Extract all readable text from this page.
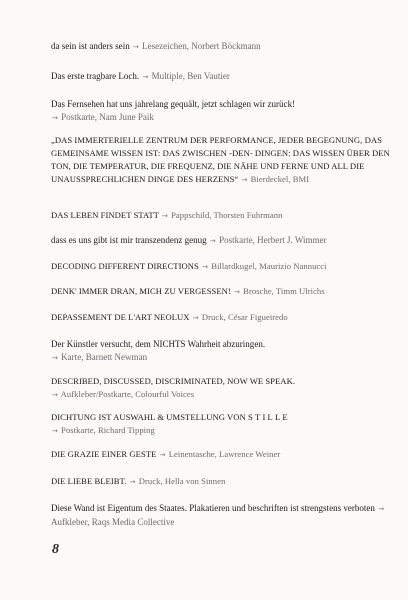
da sein ist anders sein → Lesezeichen, Norbert Böckmann
Das erste tragbare Loch. → Multiple, Ben Vautier
Das Fernsehen hat uns jahrelang gequält, jetzt schlagen wir zurück!
→ Postkarte, Nam June Paik
„DAS IMMERTERIELLE ZENTRUM DER PERFORMANCE, JEDER BEGEGNUNG, DAS GEMEINSAME WISSEN IST: DAS ZWISCHEN -DEN- DINGEN: DAS WISSEN ÜBER DEN TON, DIE TEMPERATUR, DIE FREQUENZ, DIE NÄHE UND FERNE UND ALL DIE UNAUSSPRECHLICHEN DINGE DES HERZENS“ → Bierdeckel, BMI
DAS LEBEN FINDET STATT → Pappschild, Thorsten Fuhrmann
dass es uns gibt ist mir transzendenz genug → Postkarte, Herbert J. Wimmer
DECODING DIFFERENT DIRECTIONS → Billardkugel, Maurizio Nannucci
DENK' IMMER DRAN, MICH ZU VERGESSEN! → Brosche, Timm Ulrichs
DEPASSEMENT DE L'ART NEOLUX → Druck, César Figueiredo
Der Künstler versucht, dem NICHTS Wahrheit abzuringen.
→ Karte, Barnett Newman
DESCRIBED, DISCUSSED, DISCRIMINATED, NOW WE SPEAK.
→ Aufkleber/Postkarte, Colourful Voices
DICHTUNG IST AUSWAHL & UMSTELLUNG VON STILLE
→ Postkarte, Richard Tipping
DIE GRAZIE EINER GESTE → Leinentasche, Lawrence Weiner
DIE LIEBE BLEIBT. → Druck, Hella von Sinnen
Diese Wand ist Eigentum des Staates. Plakatieren und beschriften ist strengstens verboten → Aufkleber, Raqs Media Collective
8
